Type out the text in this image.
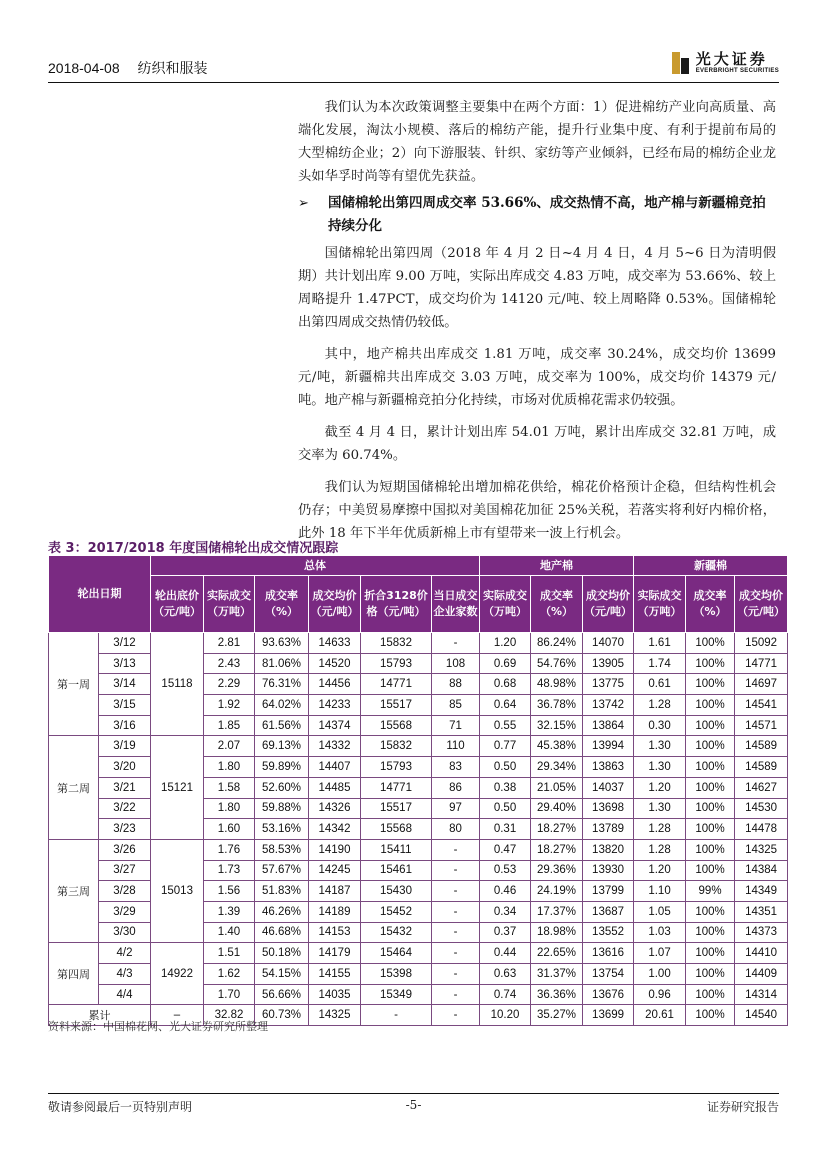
2018-04-08 纺织和服装
光大证券
EVERBRIGHT SECURITIES

我们认为本次政策调整主要集中在两个方面：1）促进棉纺产业向高质量、高端化发展，淘汰小规模、落后的棉纺产能，提升行业集中度、有利于提前布局的大型棉纺企业；2）向下游服装、针织、家纺等产业倾斜，已经布局的棉纺企业龙头如华孚时尚等有望优先获益。

➢ 国储棉轮出第四周成交率 53.66%、成交热情不高，地产棉与新疆棉竞拍持续分化

国储棉轮出第四周（2018 年 4 月 2 日~4 月 4 日，4 月 5~6 日为清明假期）共计划出库 9.00 万吨，实际出库成交 4.83 万吨，成交率为 53.66%、较上周略提升 1.47PCT，成交均价为 14120 元/吨、较上周略降 0.53%。国储棉轮出第四周成交热情仍较低。

其中，地产棉共出库成交 1.81 万吨，成交率 30.24%，成交均价 13699 元/吨，新疆棉共出库成交 3.03 万吨，成交率为 100%，成交均价 14379 元/吨。地产棉与新疆棉竞拍分化持续，市场对优质棉花需求仍较强。

截至 4 月 4 日，累计计划出库 54.01 万吨，累计出库成交 32.81 万吨，成交率为 60.74%。

我们认为短期国储棉轮出增加棉花供给，棉花价格预计企稳，但结构性机会仍存；中美贸易摩擦中国拟对美国棉花加征 25%关税，若落实将利好内棉价格，此外 18 年下半年优质新棉上市有望带来一波上行机会。

表 3：2017/2018 年度国储棉轮出成交情况跟踪
轮出日期		总体						地产棉			新疆棉		
		轮出底价（元/吨）	实际成交（万吨）	成交率（%）	成交均价（元/吨）	折合3128价格（元/吨）	当日成交企业家数	实际成交（万吨）	成交率（%）	成交均价（元/吨）	实际成交（万吨）	成交率（%）	成交均价（元/吨）
第一周	3/12	15118	2.81	93.63%	14633	15832	-	1.20	86.24%	14070	1.61	100%	15092
	3/13		2.43	81.06%	14520	15793	108	0.69	54.76%	13905	1.74	100%	14771
	3/14		2.29	76.31%	14456	14771	88	0.68	48.98%	13775	0.61	100%	14697
	3/15		1.92	64.02%	14233	15517	85	0.64	36.78%	13742	1.28	100%	14541
	3/16		1.85	61.56%	14374	15568	71	0.55	32.15%	13864	0.30	100%	14571
第二周	3/19	15121	2.07	69.13%	14332	15832	110	0.77	45.38%	13994	1.30	100%	14589
	3/20		1.80	59.89%	14407	15793	83	0.50	29.34%	13863	1.30	100%	14589
	3/21		1.58	52.60%	14485	14771	86	0.38	21.05%	14037	1.20	100%	14627
	3/22		1.80	59.88%	14326	15517	97	0.50	29.40%	13698	1.30	100%	14530
	3/23		1.60	53.16%	14342	15568	80	0.31	18.27%	13789	1.28	100%	14478
第三周	3/26	15013	1.76	58.53%	14190	15411	-	0.47	18.27%	13820	1.28	100%	14325
	3/27		1.73	57.67%	14245	15461	-	0.53	29.36%	13930	1.20	100%	14384
	3/28		1.56	51.83%	14187	15430	-	0.46	24.19%	13799	1.10	99%	14349
	3/29		1.39	46.26%	14189	15452	-	0.34	17.37%	13687	1.05	100%	14351
	3/30		1.40	46.68%	14153	15432	-	0.37	18.98%	13552	1.03	100%	14373
第四周	4/2	14922	1.51	50.18%	14179	15464	-	0.44	22.65%	13616	1.07	100%	14410
	4/3		1.62	54.15%	14155	15398	-	0.63	31.37%	13754	1.00	100%	14409
	4/4		1.70	56.66%	14035	15349	-	0.74	36.36%	13676	0.96	100%	14314
累计		–	32.82	60.73%	14325	-	-	10.20	35.27%	13699	20.61	100%	14540
资料来源：中国棉花网、光大证券研究所整理
敬请参阅最后一页特别声明	-5-	证券研究报告
